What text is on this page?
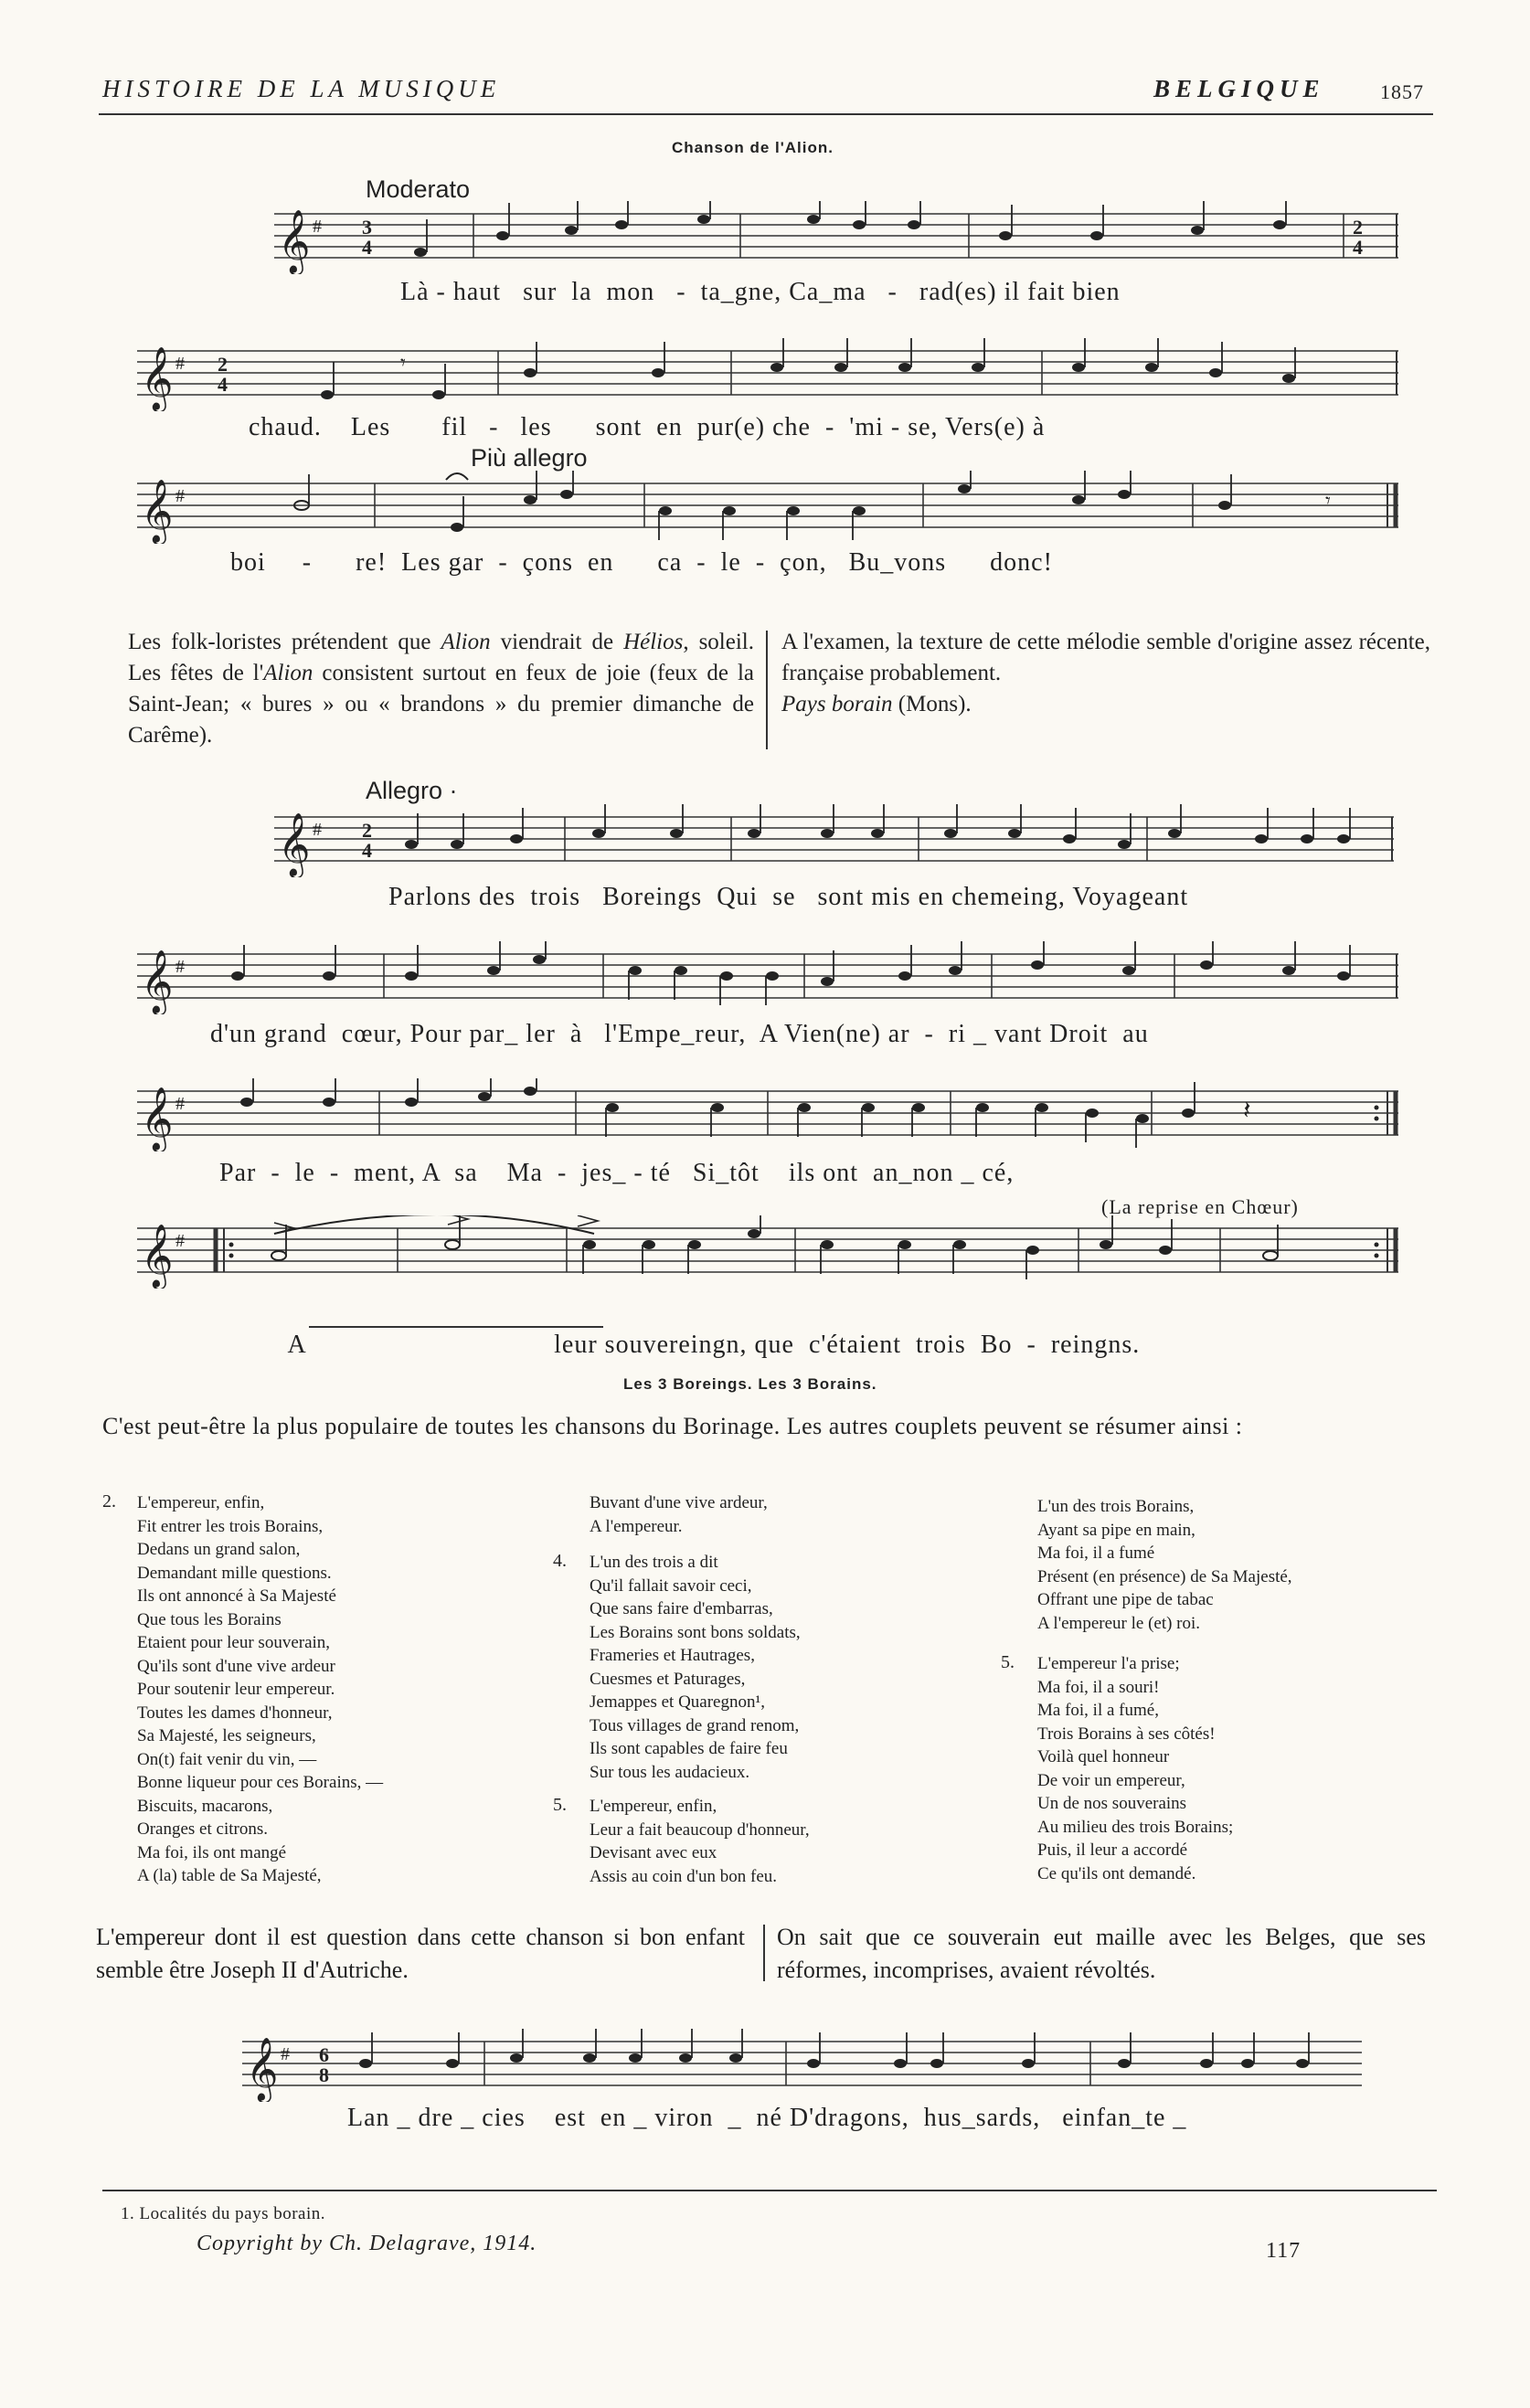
HISTOIRE DE LA MUSIQUE	BELGIQUE	1857
Chanson de l'Alion.
Moderato
𝄞 # 3
4
2
4
Là - haut   sur  la  mon   -  ta_gne, Ca_ma   -   rad(es) il fait bien
𝄞 # 2
4
𝄾
chaud.    Les       fil   -   les      sont  en  pur(e) che  -  'mi - se, Vers(e) à
Più allegro
𝄞 #	𝄾
boi     -      re!  Les gar  -  çons  en      ca  -  le  -  çon,   Bu_vons      donc!
Les folk-loristes prétendent que Alion viendrait de Hélios, soleil. Les fêtes de l'Alion consistent surtout en feux de joie (feux de la Saint-Jean; « bures » ou « brandons » du premier dimanche de Carême).
A l'examen, la texture de cette mélodie semble d'origine assez récente, française probablement.
Pays borain (Mons).
Allegro ·
𝄞 # 2
4
Parlons des  trois   Boreings  Qui  se   sont mis en chemeing, Voyageant
𝄞 #
d'un grand  cœur, Pour par_ ler  à   l'Empe_reur,  A Vien(ne) ar  -  ri _ vant Droit  au
𝄞 #	𝄽
Par  -  le  -  ment, A  sa    Ma  -  jes_ - té   Si_tôt    ils ont  an_non _ cé,
(La reprise en Chœur)
𝄞 #

A                                  leur souvereingn, que  c'étaient  trois  Bo  -  reingns.

Les 3 Boreings. Les 3 Borains.
C'est peut-être la plus populaire de toutes les chansons du Borinage. Les autres couplets peuvent se résumer ainsi :
2. L'empereur, enfin,
Fit entrer les trois Borains,
Dedans un grand salon,
Demandant mille questions.
Ils ont annoncé à Sa Majesté
Que tous les Borains
Etaient pour leur souverain,
Qu'ils sont d'une vive ardeur
Pour soutenir leur empereur.
Toutes les dames d'honneur,
Sa Majesté, les seigneurs,
On(t) fait venir du vin, —
Bonne liqueur pour ces Borains, —
Biscuits, macarons,
Oranges et citrons.
Ma foi, ils ont mangé
A (la) table de Sa Majesté,
Buvant d'une vive ardeur,
A l'empereur.
4. L'un des trois a dit
Qu'il fallait savoir ceci,
Que sans faire d'embarras,
Les Borains sont bons soldats,
Frameries et Hautrages,
Cuesmes et Paturages,
Jemappes et Quaregnon¹,
Tous villages de grand renom,
Ils sont capables de faire feu
Sur tous les audacieux.
5. L'empereur, enfin,
Leur a fait beaucoup d'honneur,
Devisant avec eux
Assis au coin d'un bon feu.
L'un des trois Borains,
Ayant sa pipe en main,
Ma foi, il a fumé
Présent (en présence) de Sa Majesté,
Offrant une pipe de tabac
A l'empereur le (et) roi.
5. L'empereur l'a prise;
Ma foi, il a souri!
Ma foi, il a fumé,
Trois Borains à ses côtés!
Voilà quel honneur
De voir un empereur,
Un de nos souverains
Au milieu des trois Borains;
Puis, il leur a accordé
Ce qu'ils ont demandé.
L'empereur dont il est question dans cette chanson si bon enfant semble être Joseph II d'Autriche.
On sait que ce souverain eut maille avec les Belges, que ses réformes, incomprises, avaient révoltés.
𝄞 # 6
8
Lan _ dre _ cies    est  en _ viron  _  né D'dragons,  hus_sards,   einfan_te _
1. Localités du pays borain.
Copyright by Ch. Delagrave, 1914.	117
